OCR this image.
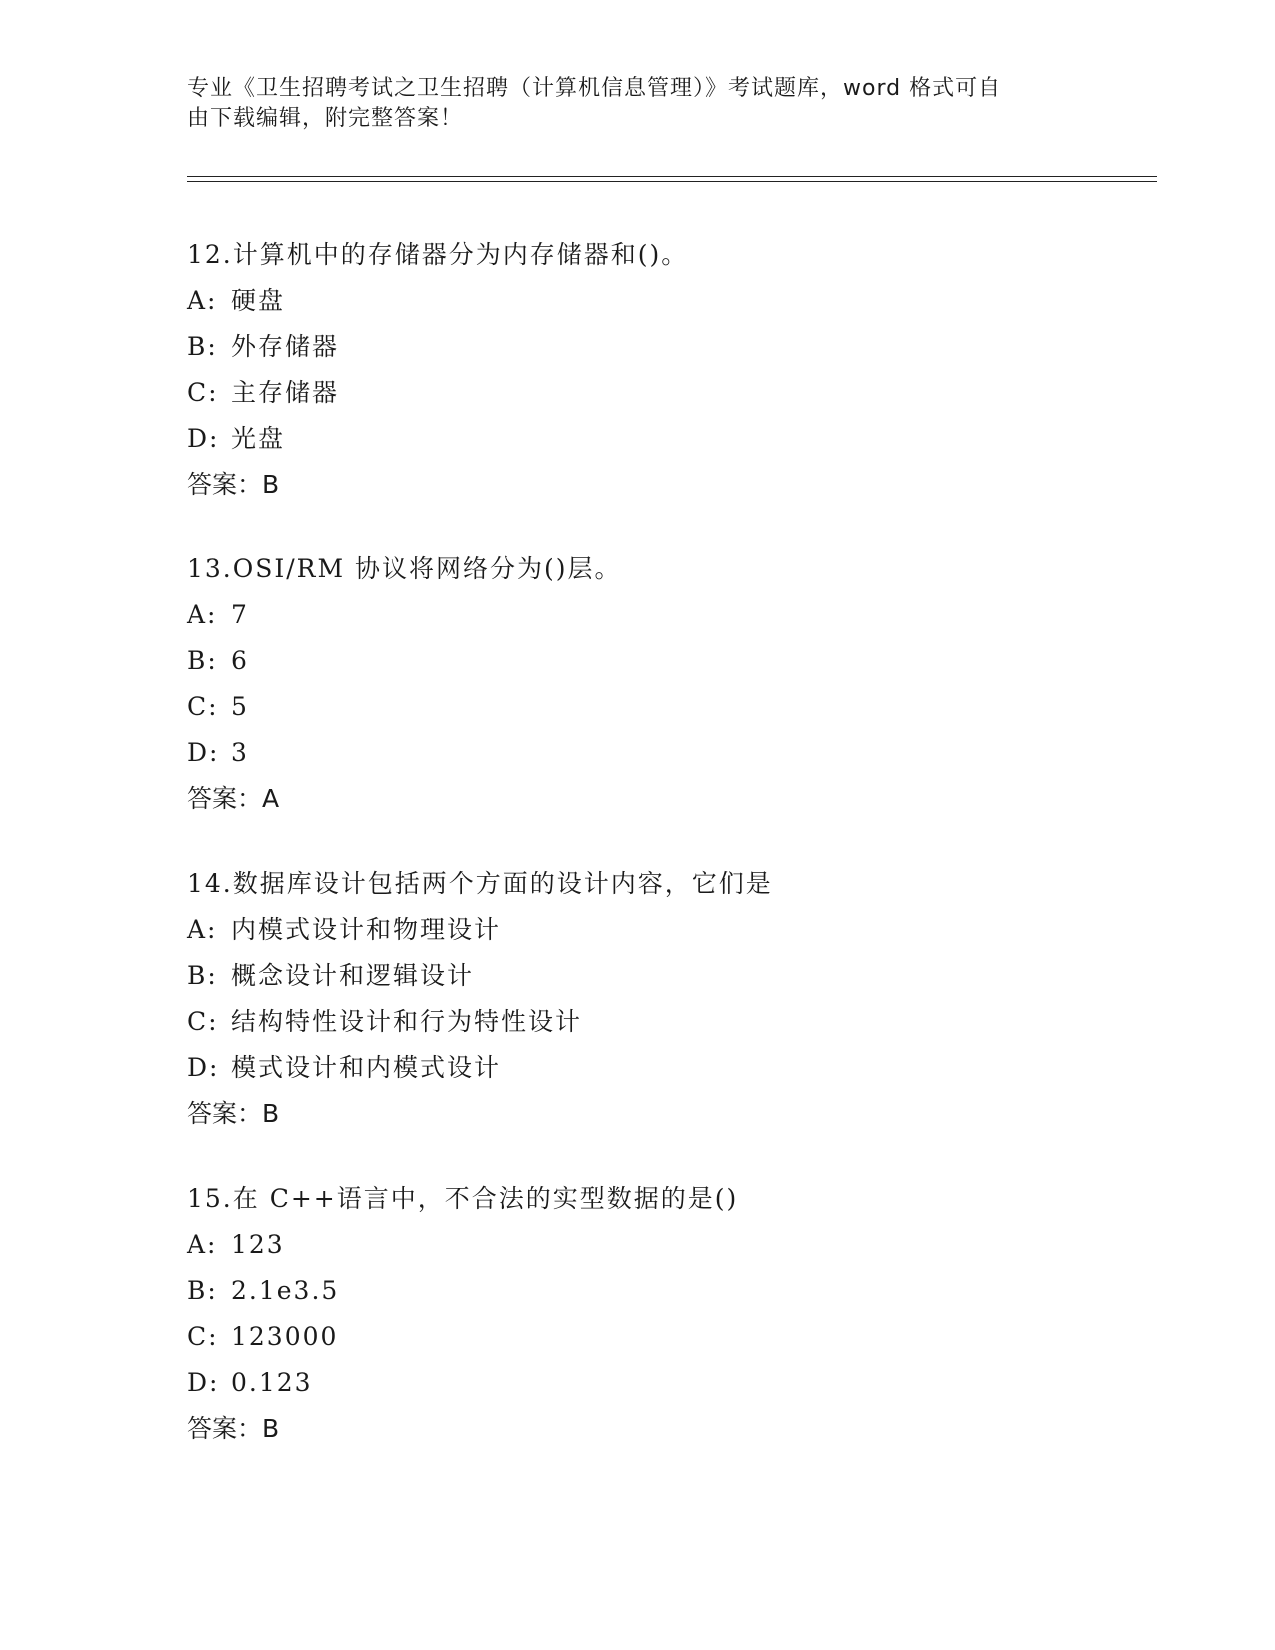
专业《卫生招聘考试之卫生招聘（计算机信息管理）》考试题库，word 格式可自
由下载编辑，附完整答案！
12.计算机中的存储器分为内存储器和()。
A: 硬盘
B: 外存储器
C: 主存储器
D: 光盘
答案：B
13.OSI/RM 协议将网络分为()层。
A: 7
B: 6
C: 5
D: 3
答案：A
14.数据库设计包括两个方面的设计内容，它们是
A: 内模式设计和物理设计
B: 概念设计和逻辑设计
C: 结构特性设计和行为特性设计
D: 模式设计和内模式设计
答案：B
15.在 C++语言中，不合法的实型数据的是()
A: 123
B: 2.1e3.5
C: 123000
D: 0.123
答案：B
